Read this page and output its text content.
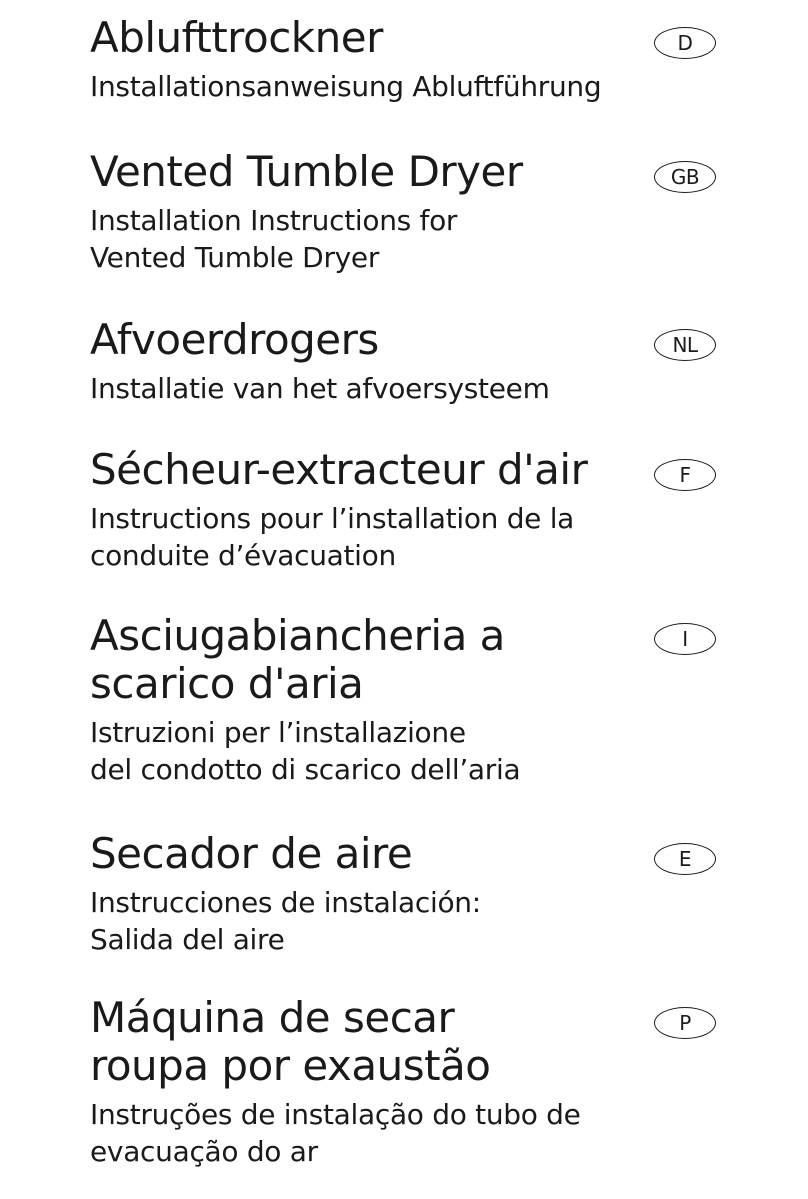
Ablufttrockner
Installationsanweisung Abluftführung
D
Vented Tumble Dryer
Installation Instructions for
Vented Tumble Dryer
GB
Afvoerdrogers
Installatie van het afvoersysteem
NL
Sécheur-extracteur d'air
Instructions pour l’installation de la
conduite d’évacuation
F
Asciugabiancheria a
scarico d'aria
Istruzioni per l’installazione
del condotto di scarico dell’aria
I
Secador de aire
Instrucciones de instalación:
Salida del aire
E
Máquina de secar
roupa por exaustão
Instruções de instalação do tubo de
evacuação do ar
P
